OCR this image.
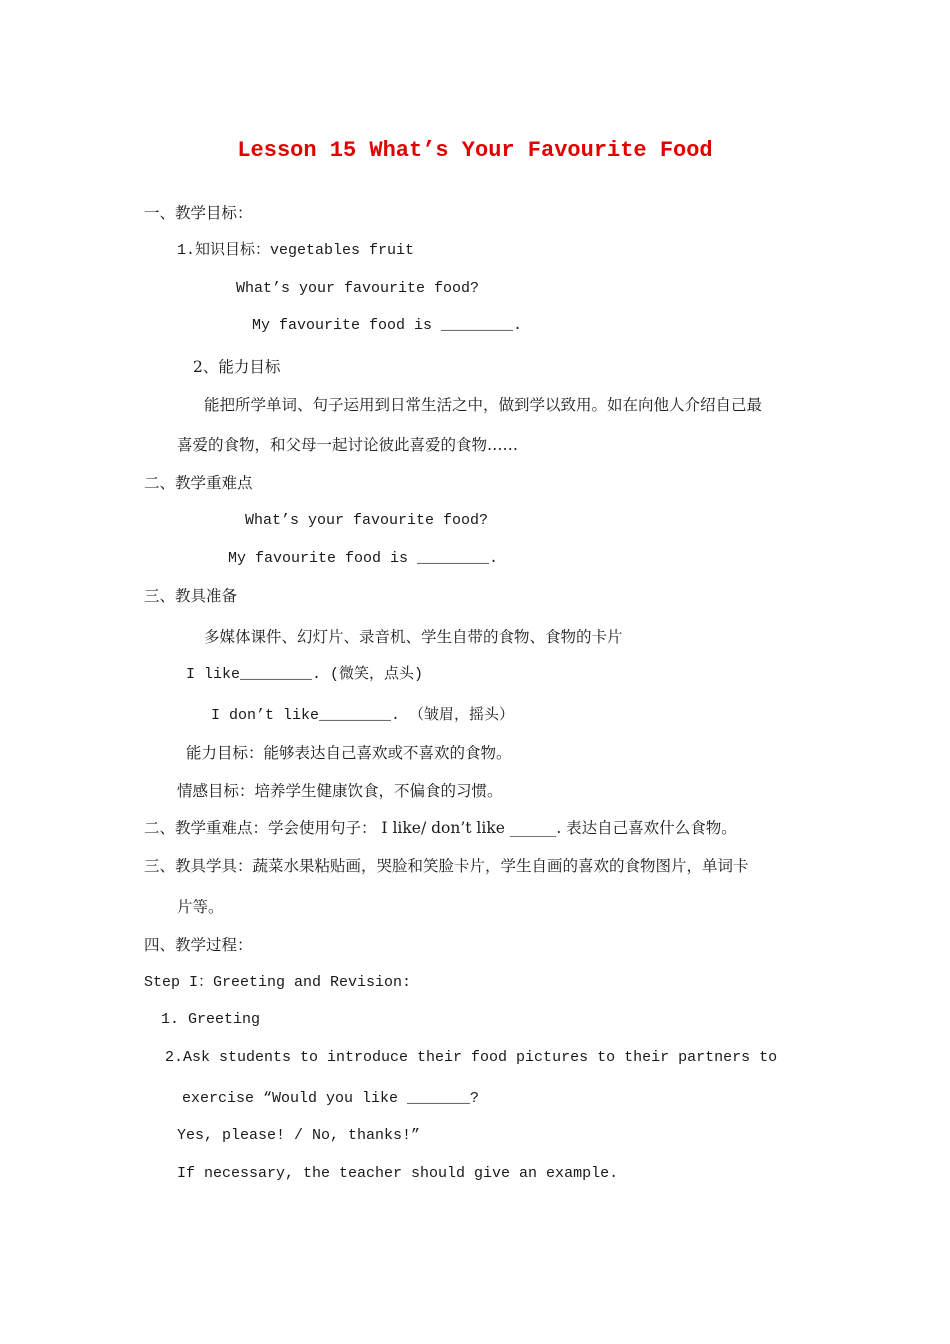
Lesson 15 What’s Your Favourite Food
一、教学目标：
1.知识目标：vegetables fruit
What’s your favourite food?
My favourite food is ________.
2、能力目标
能把所学单词、句子运用到日常生活之中，做到学以致用。如在向他人介绍自己最
喜爱的食物，和父母一起讨论彼此喜爱的食物……
二、教学重难点
What’s your favourite food?
My favourite food is ________.
三、教具准备
多媒体课件、幻灯片、录音机、学生自带的食物、食物的卡片
I like________. (微笑，点头)
I don’t like________. （皱眉，摇头）
能力目标：能够表达自己喜欢或不喜欢的食物。
情感目标：培养学生健康饮食，不偏食的习惯。
二、教学重难点：学会使用句子： I like/ don’t like ______. 表达自己喜欢什么食物。
三、教具学具：蔬菜水果粘贴画，哭脸和笑脸卡片，学生自画的喜欢的食物图片，单词卡
片等。
四、教学过程：
Step I：Greeting and Revision:
1. Greeting
2.Ask students to introduce their food pictures to their partners to
exercise “Would you like _______?
Yes, please! / No, thanks!”
If necessary, the teacher should give an example.
